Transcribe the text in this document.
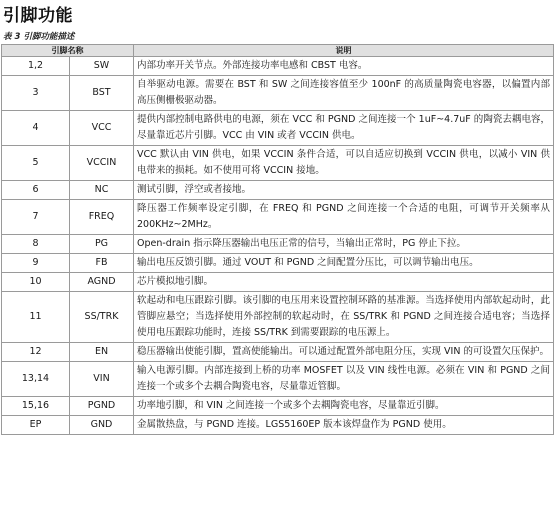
引脚功能
表 3 引脚功能描述
引脚名称		说明
1,2	SW	内部功率开关节点。外部连接功率电感和 CBST 电容。
3	BST	自举驱动电源。需要在 BST 和 SW 之间连接容值至少 100nF 的高质量陶瓷电容器，以偏置内部高压侧栅极驱动器。
4	VCC	提供内部控制电路供电的电源，须在 VCC 和 PGND 之间连接一个 1uF~4.7uF 的陶瓷去耦电容，尽量靠近芯片引脚。VCC 由 VIN 或者 VCCIN 供电。
5	VCCIN	VCC 默认由 VIN 供电，如果 VCCIN 条件合适，可以自适应切换到 VCCIN 供电，以减小 VIN 供电带来的损耗。如不使用可将 VCCIN 接地。
6	NC	测试引脚，浮空或者接地。
7	FREQ	降压器工作频率设定引脚，在 FREQ 和 PGND 之间连接一个合适的电阻，可调节开关频率从 200KHz~2MHz。
8	PG	Open-drain 指示降压器输出电压正常的信号，当输出正常时，PG 停止下拉。
9	FB	输出电压反馈引脚。通过 VOUT 和 PGND 之间配置分压比，可以调节输出电压。
10	AGND	芯片模拟地引脚。
11	SS/TRK	软起动和电压跟踪引脚。该引脚的电压用来设置控制环路的基准源。当选择使用内部软起动时，此管脚应悬空；当选择使用外部控制的软起动时，在 SS/TRK 和 PGND 之间连接合适电容；当选择使用电压跟踪功能时，连接 SS/TRK 到需要跟踪的电压源上。
12	EN	稳压器输出使能引脚，置高使能输出。可以通过配置外部电阻分压，实现 VIN 的可设置欠压保护。
13,14	VIN	输入电源引脚。内部连接到上桥的功率 MOSFET 以及 VIN 线性电源。必须在 VIN 和 PGND 之间连接一个或多个去耦合陶瓷电容，尽量靠近管脚。
15,16	PGND	功率地引脚，和 VIN 之间连接一个或多个去耦陶瓷电容，尽量靠近引脚。
EP	GND	金属散热盘，与 PGND 连接。LGS5160EP 版本该焊盘作为 PGND 使用。
